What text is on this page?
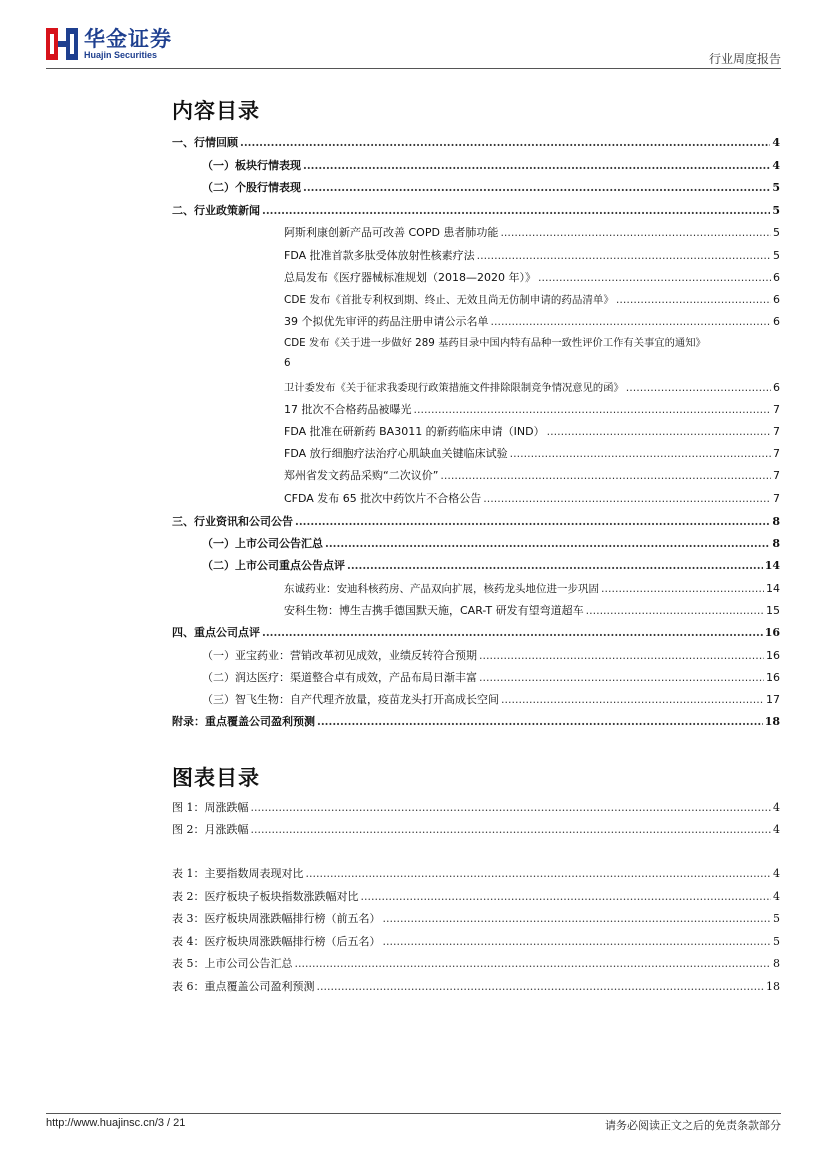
华金证券
Huajin Securities	行业周度报告
内容目录
一、行情回顾 .....	4
（一）板块行情表现 .....	4
（二）个股行情表现 .....	5
二、行业政策新闻 .....	5
阿斯利康创新产品可改善 COPD 患者肺功能 .....	5
FDA 批准首款多肽受体放射性核素疗法 .....	5
总局发布《医疗器械标准规划（2018—2020 年）》 .....	6
CDE 发布《首批专利权到期、终止、无效且尚无仿制申请的药品清单》 .....	6
39 个拟优先审评的药品注册申请公示名单 .....	6
CDE 发布《关于进一步做好 289 基药目录中国内特有品种一致性评价工作有关事宜的通知》
6
卫计委发布《关于征求我委现行政策措施文件排除限制竞争情况意见的函》 .....	6
17 批次不合格药品被曝光 .....	7
FDA 批准在研新药 BA3011 的新药临床申请（IND） .....	7
FDA 放行细胞疗法治疗心肌缺血关键临床试验 .....	7
郑州省发文药品采购“二次议价” .....	7
CFDA 发布 65 批次中药饮片不合格公告 .....	7
三、行业资讯和公司公告 .....	8
（一）上市公司公告汇总 .....	8
（二）上市公司重点公告点评 .....	14
东诚药业：安迪科核药房、产品双向扩展，核药龙头地位进一步巩固 .....	14
安科生物：博生吉携手德国默天施，CAR-T 研发有望弯道超车 .....	15
四、重点公司点评 .....	16
（一）亚宝药业：营销改革初见成效，业绩反转符合预期 .....	16
（二）润达医疗：渠道整合卓有成效，产品布局日渐丰富 .....	16
（三）智飞生物：自产代理齐放量，疫苗龙头打开高成长空间 .....	17
附录：重点覆盖公司盈利预测 .....	18
图表目录
图 1：周涨跌幅 .....	4
图 2：月涨跌幅 .....	4
表 1：主要指数周表现对比 .....	4
表 2：医疗板块子板块指数涨跌幅对比 .....	4
表 3：医疗板块周涨跌幅排行榜（前五名） .....	5
表 4：医疗板块周涨跌幅排行榜（后五名） .....	5
表 5：上市公司公告汇总 .....	8
表 6：重点覆盖公司盈利预测 .....	18
http://www.huajinsc.cn/3 / 21	请务必阅读正文之后的免责条款部分
